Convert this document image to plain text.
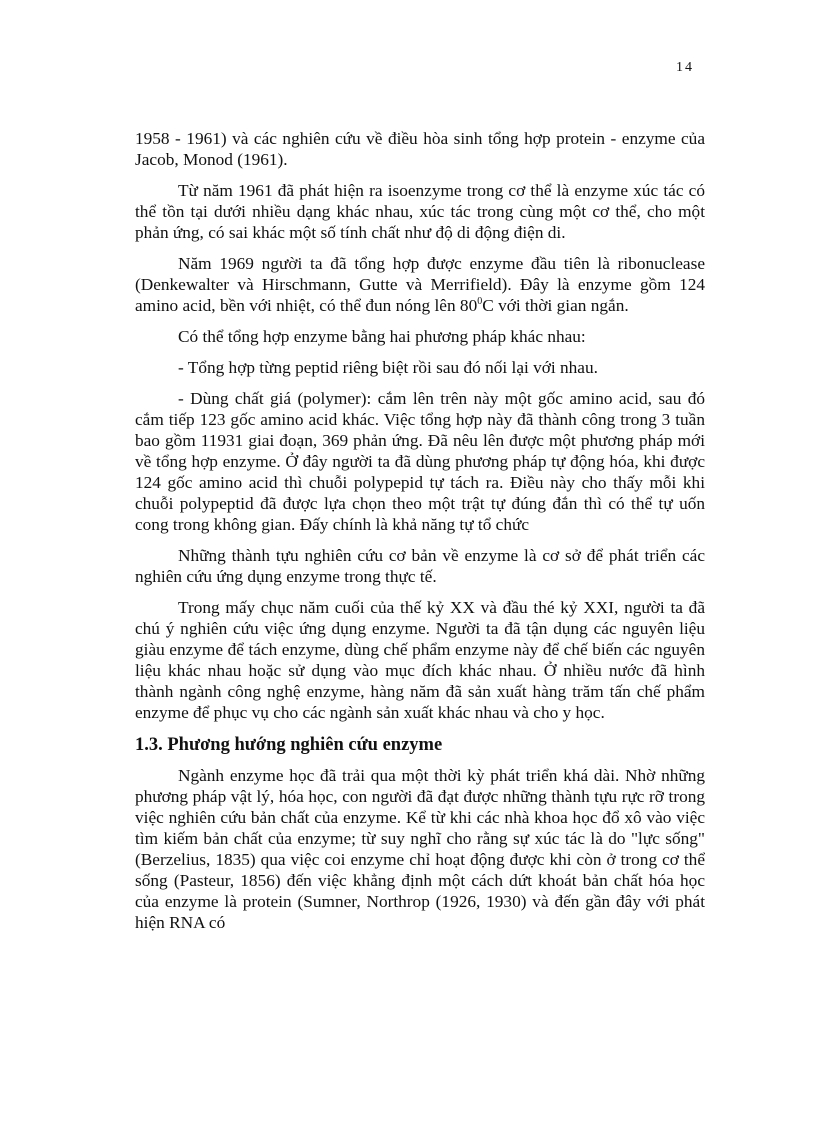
14

1958 - 1961) và các nghiên cứu về điều hòa sinh tổng hợp protein - enzyme của Jacob, Monod (1961).

Từ năm 1961 đã phát hiện ra isoenzyme trong cơ thể là enzyme xúc tác có thể tồn tại dưới nhiều dạng khác nhau, xúc tác trong cùng một cơ thể, cho một phản ứng, có sai khác một số tính chất như độ di động điện di.

Năm 1969 người ta đã tổng hợp được enzyme đầu tiên là ribonuclease (Denkewalter và Hirschmann, Gutte và Merrifield). Đây là enzyme gồm 124 amino acid, bền với nhiệt, có thể đun nóng lên $80^0C$ với thời gian ngắn.

Có thể tổng hợp enzyme bằng hai phương pháp khác nhau:

- Tổng hợp từng peptid riêng biệt rồi sau đó nối lại với nhau.

- Dùng chất giá (polymer): cắm lên trên này một gốc amino acid, sau đó cắm tiếp 123 gốc amino acid khác. Việc tổng hợp này đã thành công trong 3 tuần bao gồm 11931 giai đoạn, 369 phản ứng. Đã nêu lên được một phương pháp mới về tổng hợp enzyme. Ở đây người ta đã dùng phương pháp tự động hóa, khi được 124 gốc amino acid thì chuỗi polypepid tự tách ra. Điều này cho thấy mỗi khi chuỗi polypeptid đã được lựa chọn theo một trật tự đúng đắn thì có thể tự uốn cong trong không gian. Đấy chính là khả năng tự tổ chức

Những thành tựu nghiên cứu cơ bản về enzyme là cơ sở để phát triển các nghiên cứu ứng dụng enzyme trong thực tế.

Trong mấy chục năm cuối của thế kỷ XX và đầu thé kỷ XXI, người ta đã chú ý nghiên cứu việc ứng dụng enzyme. Người ta đã tận dụng các nguyên liệu giàu enzyme để tách enzyme, dùng chế phẩm enzyme này để chế biến các nguyên liệu khác nhau hoặc sử dụng vào mục đích khác nhau. Ở nhiều nước đã hình thành ngành công nghệ enzyme, hàng năm đã sản xuất hàng trăm tấn chế phẩm enzyme để phục vụ cho các ngành sản xuất khác nhau và cho y học.

1.3. Phương hướng nghiên cứu enzyme

Ngành enzyme học đã trải qua một thời kỳ phát triển khá dài. Nhờ những phương pháp vật lý, hóa học, con người đã đạt được những thành tựu rực rỡ trong việc nghiên cứu bản chất của enzyme. Kể từ khi các nhà khoa học đổ xô vào việc tìm kiếm bản chất của enzyme; từ suy nghĩ cho rằng sự xúc tác là do "lực sống" (Berzelius, 1835) qua việc coi enzyme chỉ hoạt động được khi còn ở trong cơ thể sống (Pasteur, 1856) đến việc khẳng định một cách dứt khoát bản chất hóa học của enzyme là protein (Sumner, Northrop (1926, 1930) và đến gần đây với phát hiện RNA có
